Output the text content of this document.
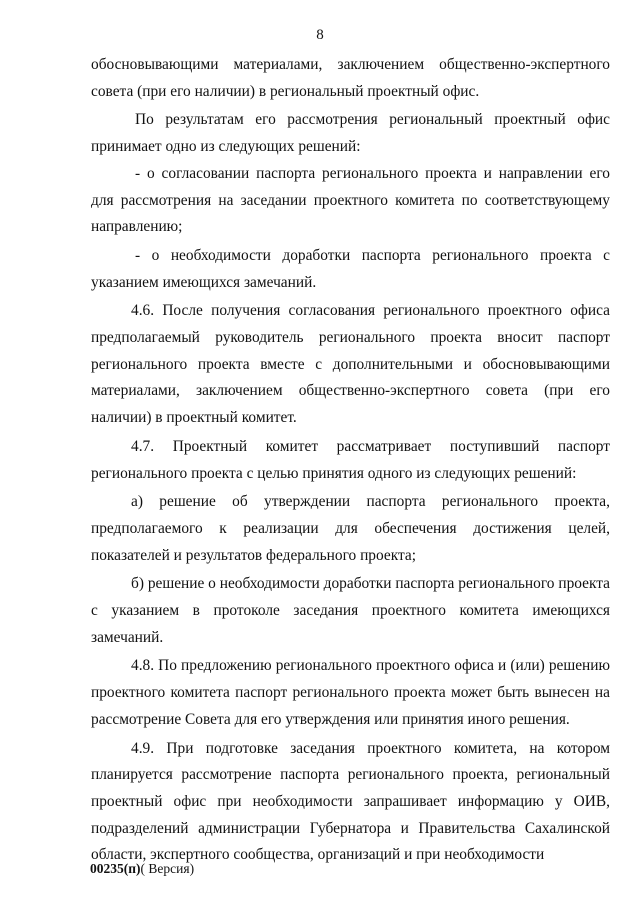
8

обосновывающими материалами, заключением общественно-экспертного совета (при его наличии) в региональный проектный офис.

По результатам его рассмотрения региональный проектный офис принимает одно из следующих решений:

- о согласовании паспорта регионального проекта и направлении его для рассмотрения на заседании проектного комитета по соответствующему направлению;

- о необходимости доработки паспорта регионального проекта с указанием имеющихся замечаний.

4.6. После получения согласования регионального проектного офиса предполагаемый руководитель регионального проекта вносит паспорт регионального проекта вместе с дополнительными и обосновывающими материалами, заключением общественно-экспертного совета (при его наличии) в проектный комитет.

4.7. Проектный комитет рассматривает поступивший паспорт регионального проекта с целью принятия одного из следующих решений:

а) решение об утверждении паспорта регионального проекта, предполагаемого к реализации для обеспечения достижения целей, показателей и результатов федерального проекта;

б) решение о необходимости доработки паспорта регионального проекта с указанием в протоколе заседания проектного комитета имеющихся замечаний.

4.8. По предложению регионального проектного офиса и (или) решению проектного комитета паспорт регионального проекта может быть вынесен на рассмотрение Совета для его утверждения или принятия иного решения.

4.9. При подготовке заседания проектного комитета, на котором планируется рассмотрение паспорта регионального проекта, региональный проектный офис при необходимости запрашивает информацию у ОИВ, подразделений администрации Губернатора и Правительства Сахалинской области, экспертного сообщества, организаций и при необходимости

00235(п)( Версия)
